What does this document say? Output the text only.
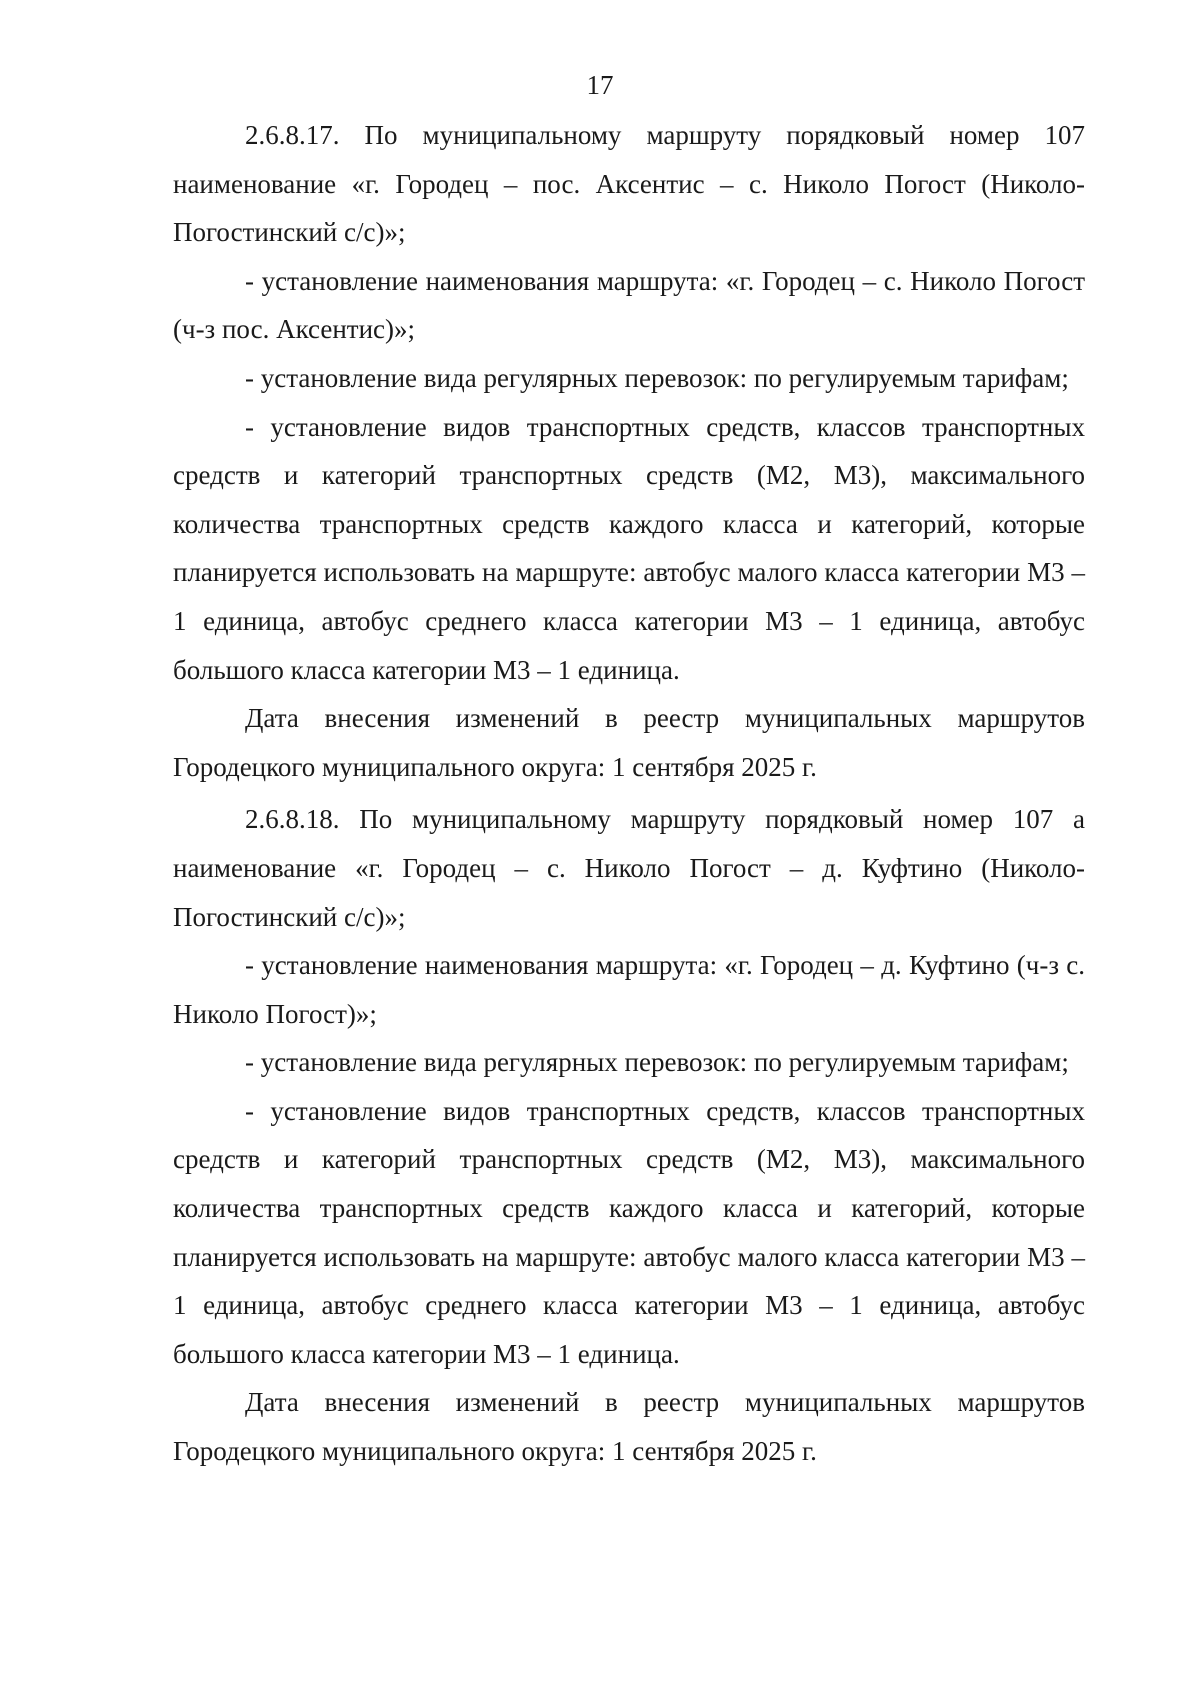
17

2.6.8.17. По муниципальному маршруту порядковый номер 107 наименование «г. Городец – пос. Аксентис – с. Николо Погост (Николо-Погостинский с/с)»;

- установление наименования маршрута: «г. Городец – с. Николо Погост (ч-з пос. Аксентис)»;

- установление вида регулярных перевозок: по регулируемым тарифам;

- установление видов транспортных средств, классов транспортных средств и категорий транспортных средств (М2, М3), максимального количества транспортных средств каждого класса и категорий, которые планируется использовать на маршруте: автобус малого класса категории М3 – 1 единица, автобус среднего класса категории М3 – 1 единица, автобус большого класса категории М3 – 1 единица.

Дата внесения изменений в реестр муниципальных маршрутов Городецкого муниципального округа: 1 сентября 2025 г.

2.6.8.18. По муниципальному маршруту порядковый номер 107 а наименование «г. Городец – с. Николо Погост – д. Куфтино (Николо-Погостинский с/с)»;

- установление наименования маршрута: «г. Городец – д. Куфтино (ч-з с. Николо Погост)»;

- установление вида регулярных перевозок: по регулируемым тарифам;

- установление видов транспортных средств, классов транспортных средств и категорий транспортных средств (М2, М3), максимального количества транспортных средств каждого класса и категорий, которые планируется использовать на маршруте: автобус малого класса категории М3 – 1 единица, автобус среднего класса категории М3 – 1 единица, автобус большого класса категории М3 – 1 единица.

Дата внесения изменений в реестр муниципальных маршрутов Городецкого муниципального округа: 1 сентября 2025 г.
